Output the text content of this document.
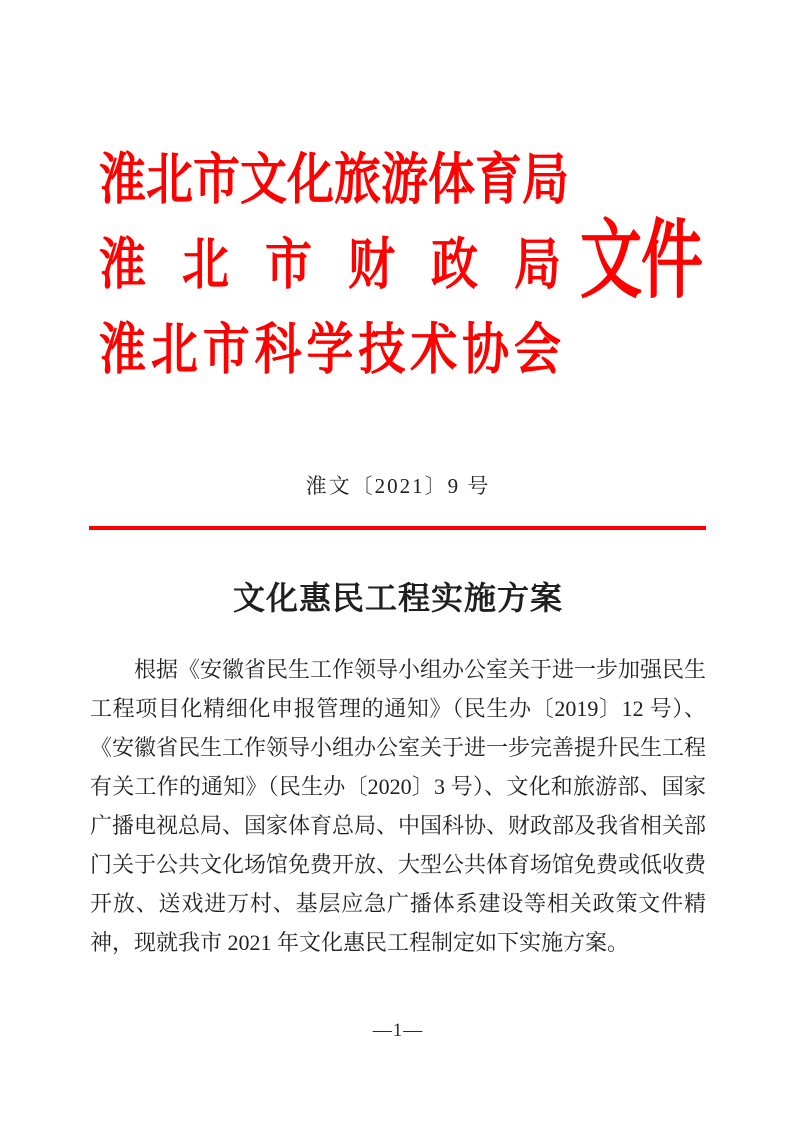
淮北市文化旅游体育局
淮北市财政局
淮北市科学技术协会
文件
淮文〔2021〕9 号
文化惠民工程实施方案

根据《安徽省民生工作领导小组办公室关于进一步加强民生工程项目化精细化申报管理的通知》（民生办〔2019〕12 号）、《安徽省民生工作领导小组办公室关于进一步完善提升民生工程有关工作的通知》（民生办〔2020〕3 号）、文化和旅游部、国家广播电视总局、国家体育总局、中国科协、财政部及我省相关部门关于公共文化场馆免费开放、大型公共体育场馆免费或低收费开放、送戏进万村、基层应急广播体系建设等相关政策文件精神，现就我市 2021 年文化惠民工程制定如下实施方案。

—1—
